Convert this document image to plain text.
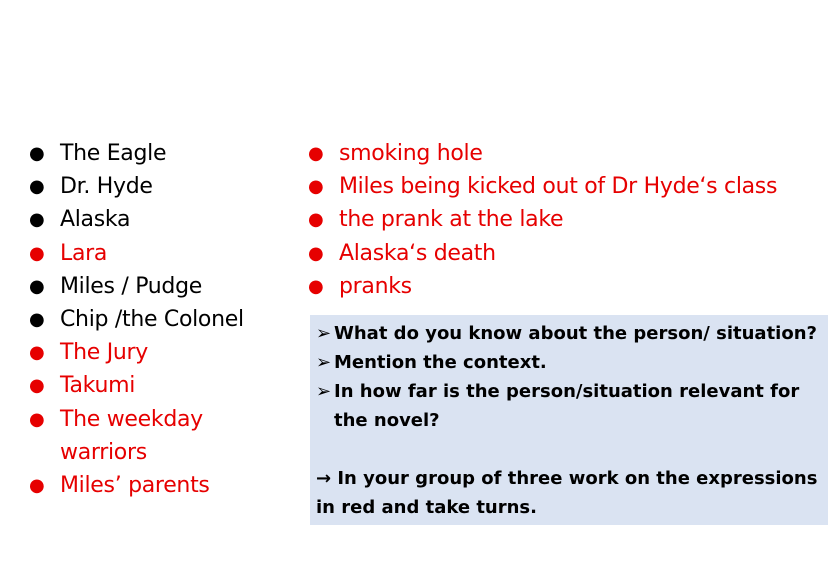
● The Eagle
● Dr. Hyde
● Alaska
● Lara
● Miles / Pudge
● Chip /the Colonel
● The Jury
● Takumi
● The weekday
warriors
● Miles’ parents
● smoking hole
● Miles being kicked out of Dr Hyde‘s class
● the prank at the lake
● Alaska‘s death
● pranks
➢ What do you know about the person/ situation?
➢ Mention the context.
➢ In how far is the person/situation relevant for
the novel?
→ In your group of three work on the expressions
in red and take turns.
